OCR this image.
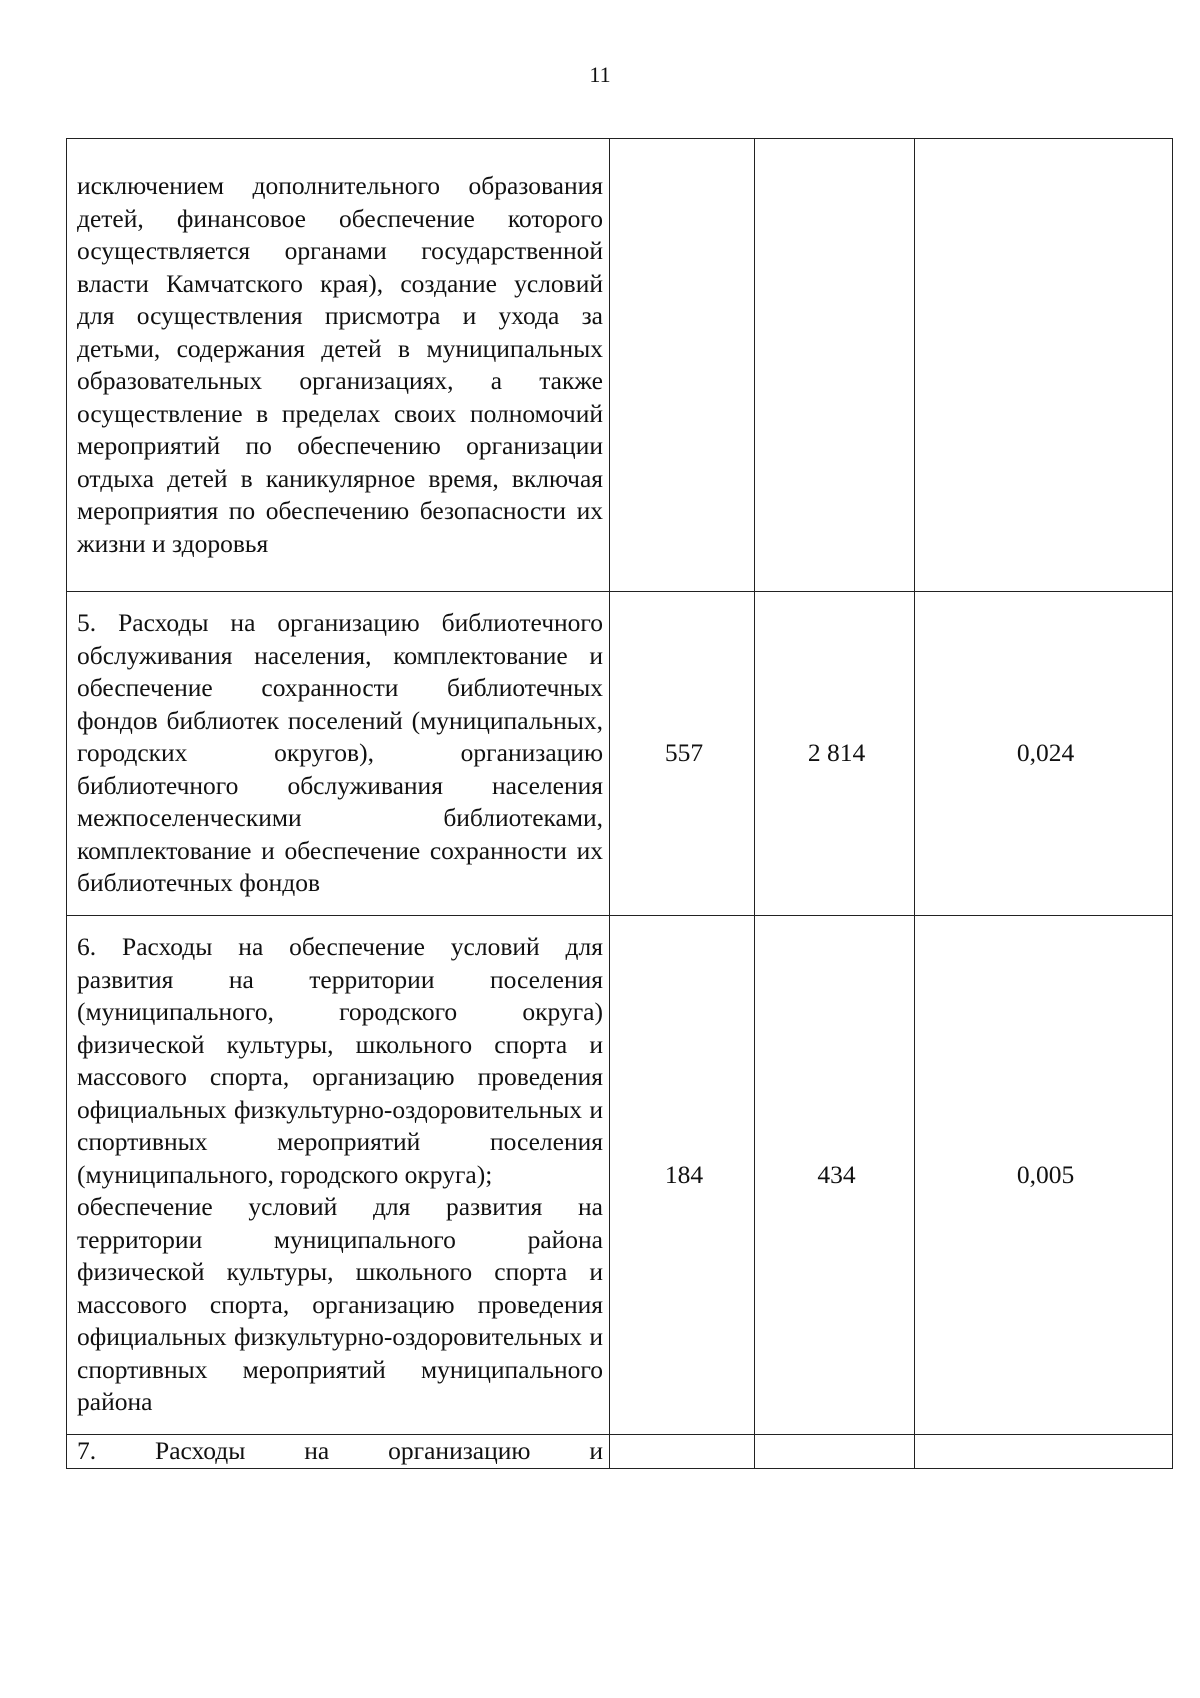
11
исключением дополнительного образования детей, финансовое обеспечение которого осуществляется органами государственной власти Камчатского края), создание условий для осуществления присмотра и ухода за детьми, содержания детей в муниципальных образовательных организациях, а также осуществление в пределах своих полномочий мероприятий по обеспечению организации отдыха детей в каникулярное время, включая мероприятия по обеспечению безопасности их жизни и здоровья			
5. Расходы на организацию библиотечного обслуживания населения, комплектование и обеспечение сохранности библиотечных фондов библиотек поселений (муниципальных, городских округов), организацию библиотечного обслуживания населения межпоселенческими библиотеками, комплектование и обеспечение сохранности их библиотечных фондов	557	2 814	0,024

6. Расходы на обеспечение условий для развития на территории поселения (муниципального, городского округа) физической культуры, школьного спорта и массового спорта, организацию проведения официальных физкультурно-оздоровительных и спортивных мероприятий поселения (муниципального, городского округа);

обеспечение условий для развития на территории муниципального района физической культуры, школьного спорта и массового спорта, организацию проведения официальных физкультурно-оздоровительных и спортивных мероприятий муниципального района	184	434	0,005
7. Расходы на организацию и			
